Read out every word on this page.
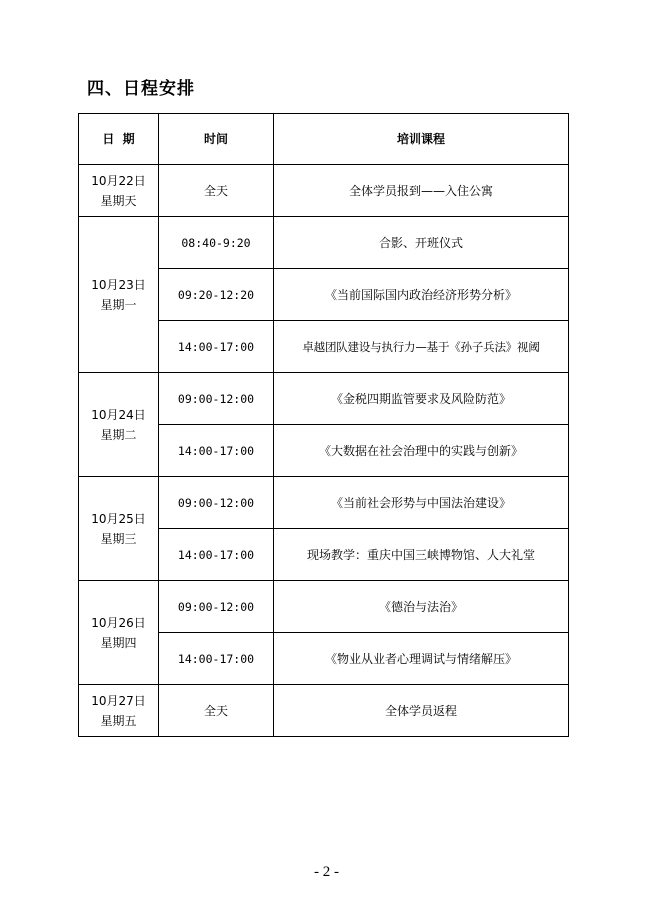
四、日程安排
日  期	时间	培训课程

10月22日
星期天	全天	全体学员报到——入住公寓

10月23日
星期一	08:40-9:20	合影、开班仪式
	09:20-12:20	《当前国际国内政治经济形势分析》
	14:00-17:00	卓越团队建设与执行力—基于《孙子兵法》视阈

10月24日
星期二	09:00-12:00	《金税四期监管要求及风险防范》
	14:00-17:00	《大数据在社会治理中的实践与创新》

10月25日
星期三	09:00-12:00	《当前社会形势与中国法治建设》
	14:00-17:00	现场教学：重庆中国三峡博物馆、人大礼堂

10月26日
星期四	09:00-12:00	《德治与法治》
	14:00-17:00	《物业从业者心理调试与情绪解压》

10月27日
星期五	全天	全体学员返程
- 2 -
